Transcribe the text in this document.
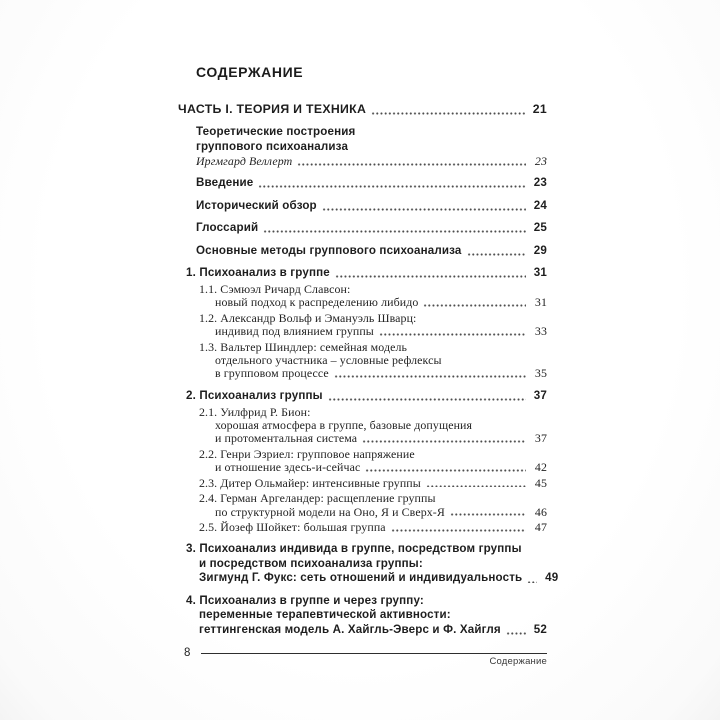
СОДЕРЖАНИЕ
ЧАСТЬ I. ТЕОРИЯ И ТЕХНИКА	21
Теоретические построения
группового психоанализа
Иргмгард Веллерт	23
Введение	23
Исторический обзор	24
Глоссарий	25
Основные методы группового психоанализа	29
1. Психоанализ в группе	31
1.1. Сэмюэл Ричард Славсон:
новый подход к распределению либидо	31
1.2. Александр Вольф и Эмануэль Шварц:
индивид под влиянием группы	33
1.3. Вальтер Шиндлер: семейная модель
отдельного участника – условные рефлексы
в групповом процессе	35
2. Психоанализ группы	37
2.1. Уилфрид Р. Бион:
хорошая атмосфера в группе, базовые допущения
и протоментальная система	37
2.2. Генри Эзриел: групповое напряжение
и отношение здесь-и-сейчас	42
2.3. Дитер Ольмайер: интенсивные группы	45
2.4. Герман Аргеландер: расщепление группы
по структурной модели на Оно, Я и Сверх-Я	46
2.5. Йозеф Шойкет: большая группа	47
3. Психоанализ индивида в группе, посредством группы
и посредством психоанализа группы:
Зигмунд Г. Фукс: сеть отношений и индивидуальность	49
4. Психоанализ в группе и через группу:
переменные терапевтической активности:
геттингенская модель А. Хайгль-Эверс и Ф. Хайгля	52
8
Содержание
